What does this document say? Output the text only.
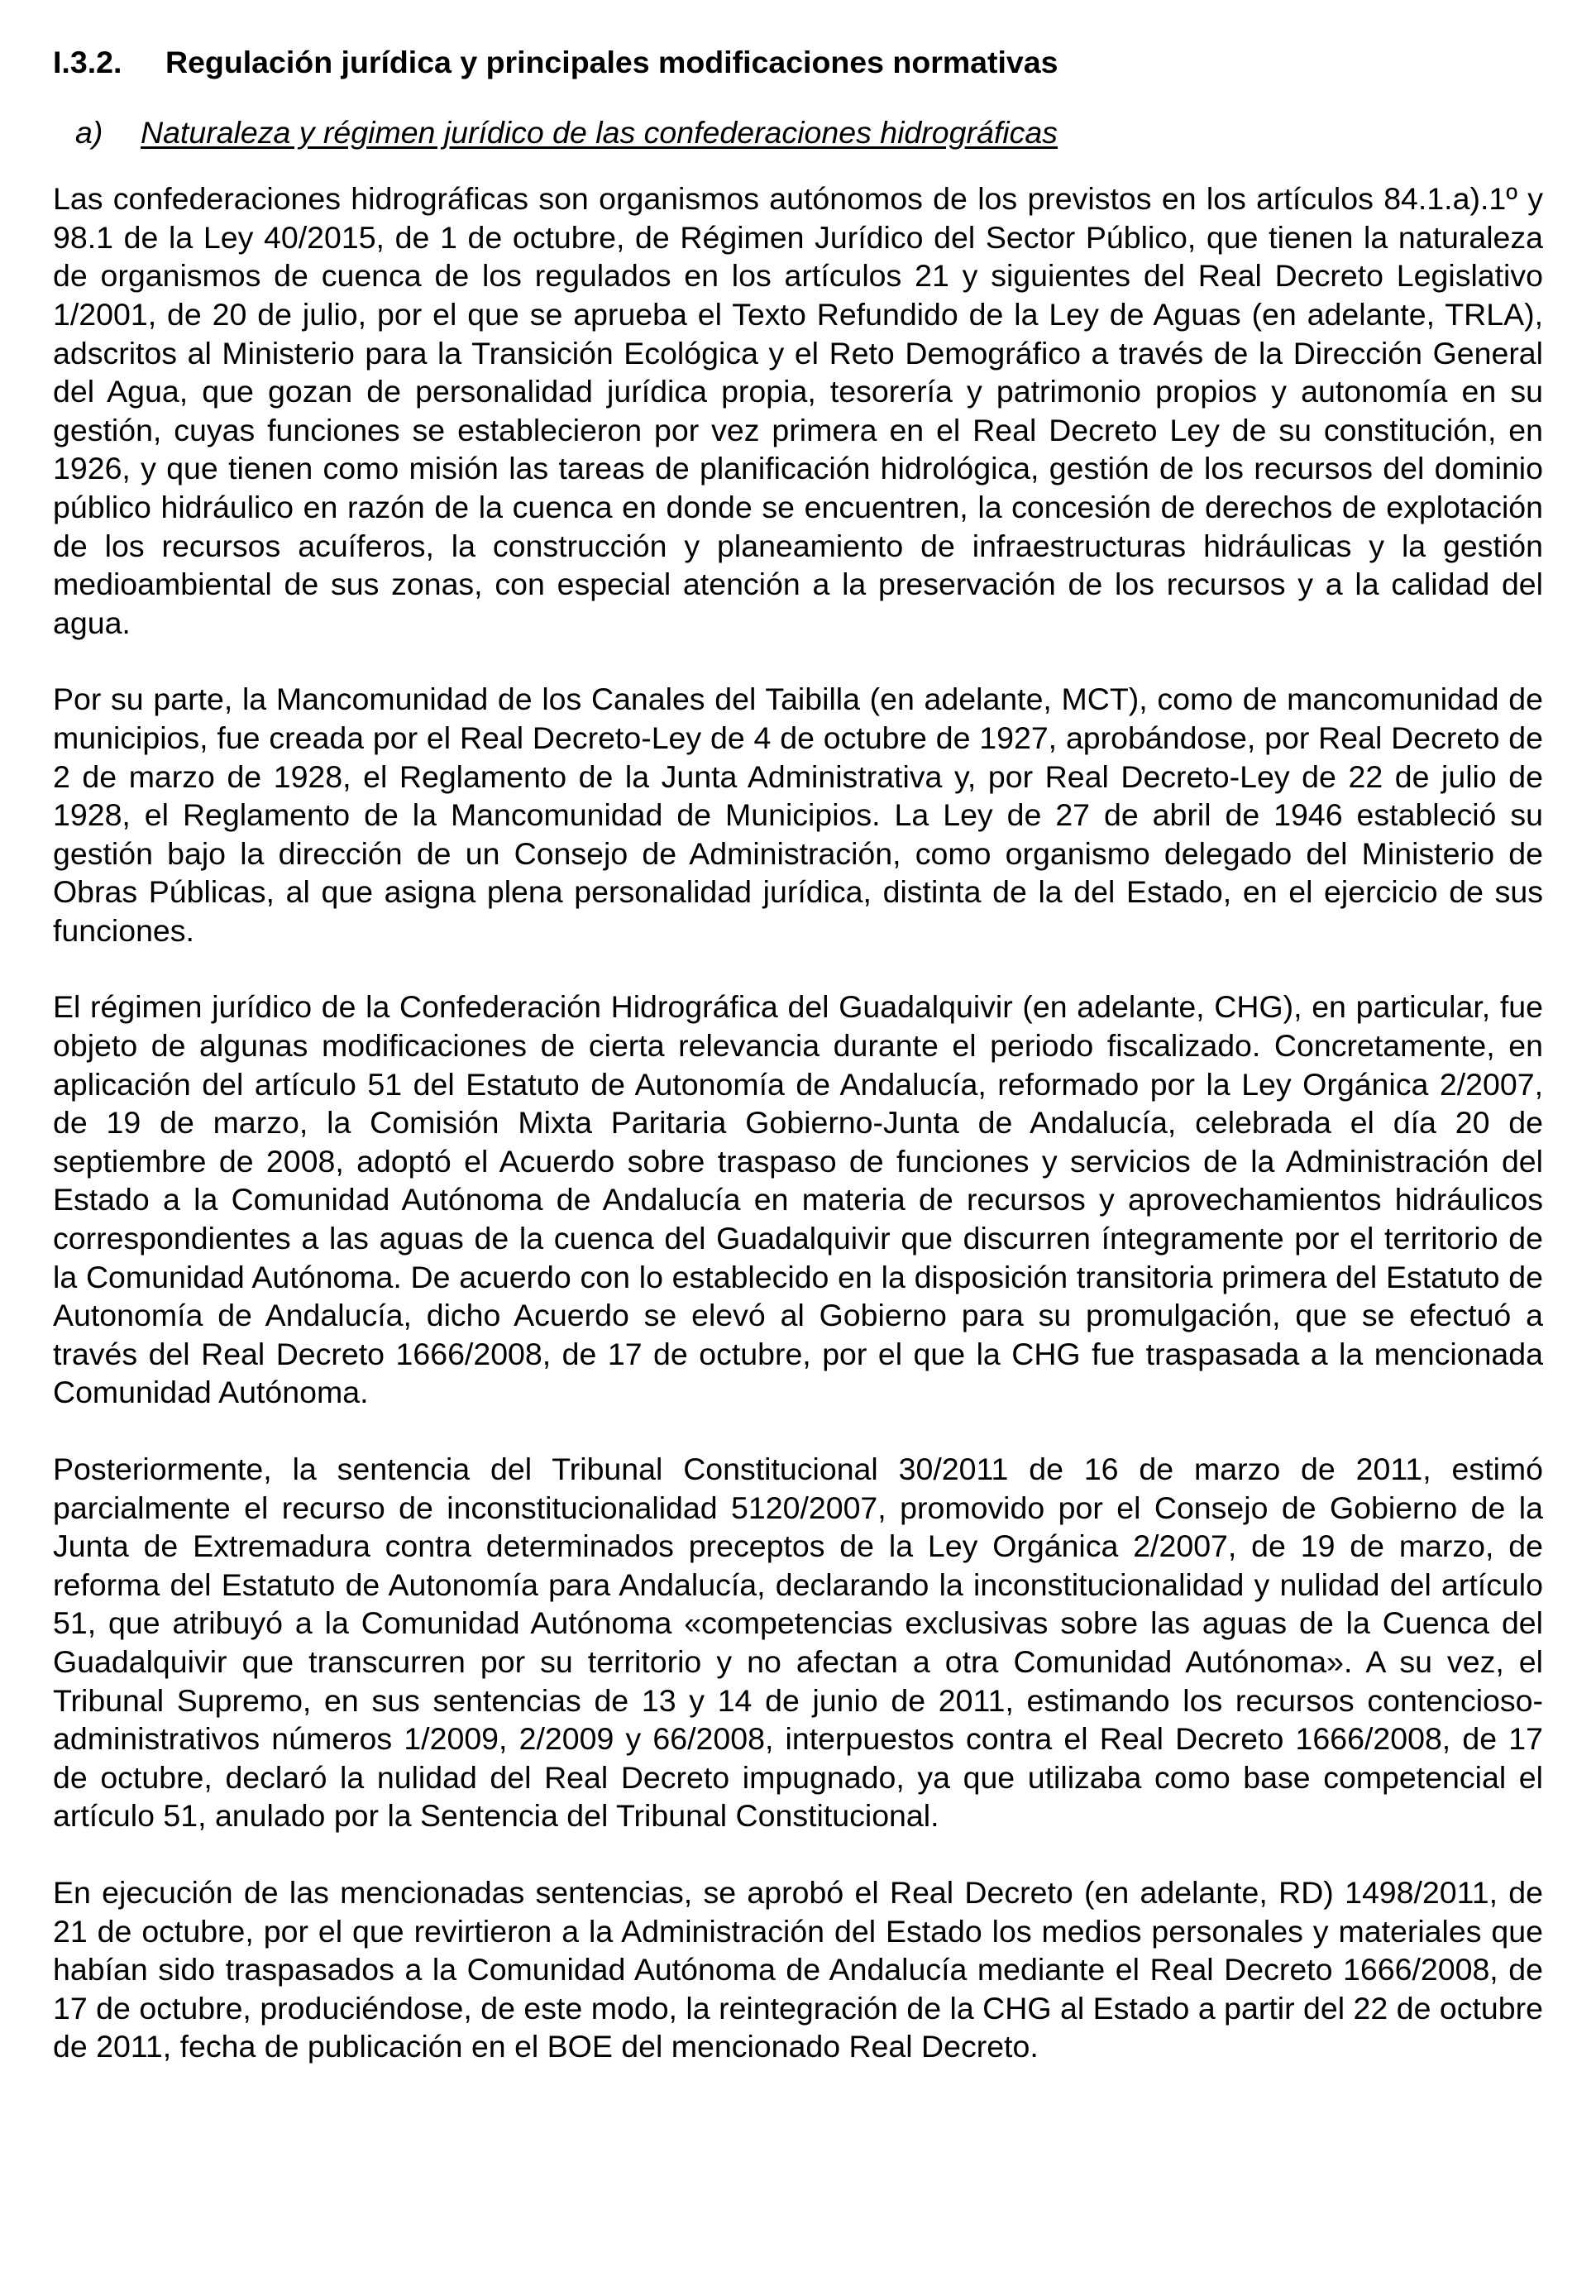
I.3.2.	Regulación jurídica y principales modificaciones normativas
a)	Naturaleza y régimen jurídico de las confederaciones hidrográficas

Las confederaciones hidrográficas son organismos autónomos de los previstos en los artículos 84.1.a).1º y 98.1 de la Ley 40/2015, de 1 de octubre, de Régimen Jurídico del Sector Público, que tienen la naturaleza de organismos de cuenca de los regulados en los artículos 21 y siguientes del Real Decreto Legislativo 1/2001, de 20 de julio, por el que se aprueba el Texto Refundido de la Ley de Aguas (en adelante, TRLA), adscritos al Ministerio para la Transición Ecológica y el Reto Demográfico a través de la Dirección General del Agua, que gozan de personalidad jurídica propia, tesorería y patrimonio propios y autonomía en su gestión, cuyas funciones se establecieron por vez primera en el Real Decreto Ley de su constitución, en 1926, y que tienen como misión las tareas de planificación hidrológica, gestión de los recursos del dominio público hidráulico en razón de la cuenca en donde se encuentren, la concesión de derechos de explotación de los recursos acuíferos, la construcción y planeamiento de infraestructuras hidráulicas y la gestión medioambiental de sus zonas, con especial atención a la preservación de los recursos y a la calidad del agua.

Por su parte, la Mancomunidad de los Canales del Taibilla (en adelante, MCT), como de mancomunidad de municipios, fue creada por el Real Decreto-Ley de 4 de octubre de 1927, aprobándose, por Real Decreto de 2 de marzo de 1928, el Reglamento de la Junta Administrativa y, por Real Decreto-Ley de 22 de julio de 1928, el Reglamento de la Mancomunidad de Municipios. La Ley de 27 de abril de 1946 estableció su gestión bajo la dirección de un Consejo de Administración, como organismo delegado del Ministerio de Obras Públicas, al que asigna plena personalidad jurídica, distinta de la del Estado, en el ejercicio de sus funciones.

El régimen jurídico de la Confederación Hidrográfica del Guadalquivir (en adelante, CHG), en particular, fue objeto de algunas modificaciones de cierta relevancia durante el periodo fiscalizado. Concretamente, en aplicación del artículo 51 del Estatuto de Autonomía de Andalucía, reformado por la Ley Orgánica 2/2007, de 19 de marzo, la Comisión Mixta Paritaria Gobierno-Junta de Andalucía, celebrada el día 20 de septiembre de 2008, adoptó el Acuerdo sobre traspaso de funciones y servicios de la Administración del Estado a la Comunidad Autónoma de Andalucía en materia de recursos y aprovechamientos hidráulicos correspondientes a las aguas de la cuenca del Guadalquivir que discurren íntegramente por el territorio de la Comunidad Autónoma. De acuerdo con lo establecido en la disposición transitoria primera del Estatuto de Autonomía de Andalucía, dicho Acuerdo se elevó al Gobierno para su promulgación, que se efectuó a través del Real Decreto 1666/2008, de 17 de octubre, por el que la CHG fue traspasada a la mencionada Comunidad Autónoma.

Posteriormente, la sentencia del Tribunal Constitucional 30/2011 de 16 de marzo de 2011, estimó parcialmente el recurso de inconstitucionalidad 5120/2007, promovido por el Consejo de Gobierno de la Junta de Extremadura contra determinados preceptos de la Ley Orgánica 2/2007, de 19 de marzo, de reforma del Estatuto de Autonomía para Andalucía, declarando la inconstitucionalidad y nulidad del artículo 51, que atribuyó a la Comunidad Autónoma «competencias exclusivas sobre las aguas de la Cuenca del Guadalquivir que transcurren por su territorio y no afectan a otra Comunidad Autónoma». A su vez, el Tribunal Supremo, en sus sentencias de 13 y 14 de junio de 2011, estimando los recursos contencioso-administrativos números 1/2009, 2/2009 y 66/2008, interpuestos contra el Real Decreto 1666/2008, de 17 de octubre, declaró la nulidad del Real Decreto impugnado, ya que utilizaba como base competencial el artículo 51, anulado por la Sentencia del Tribunal Constitucional.

En ejecución de las mencionadas sentencias, se aprobó el Real Decreto (en adelante, RD) 1498/2011, de 21 de octubre, por el que revirtieron a la Administración del Estado los medios personales y materiales que habían sido traspasados a la Comunidad Autónoma de Andalucía mediante el Real Decreto 1666/2008, de 17 de octubre, produciéndose, de este modo, la reintegración de la CHG al Estado a partir del 22 de octubre de 2011, fecha de publicación en el BOE del mencionado Real Decreto.
